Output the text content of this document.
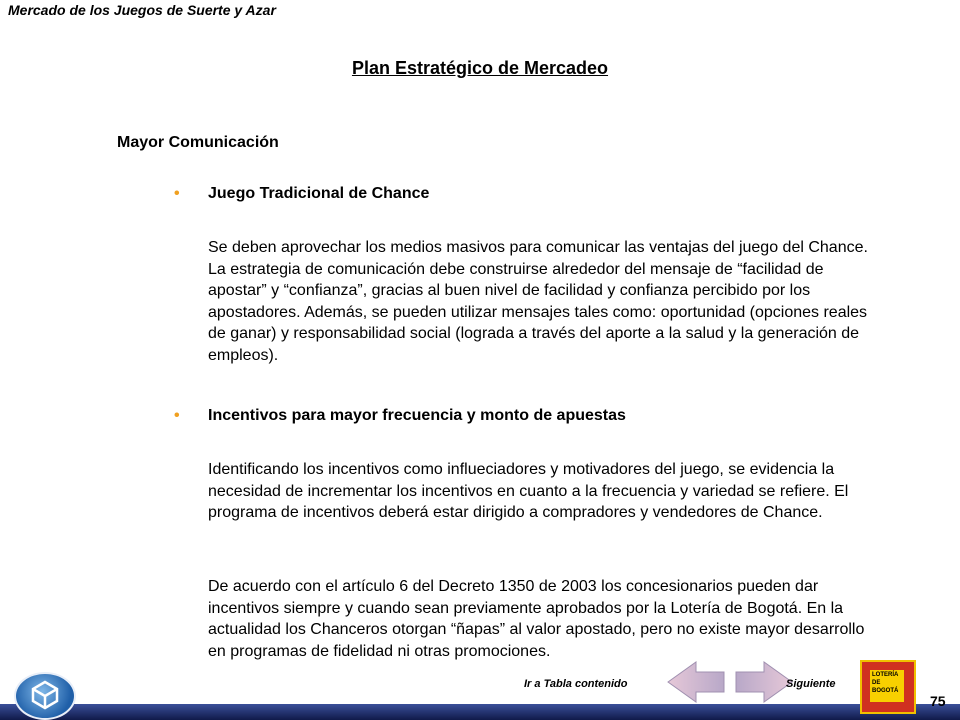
Mercado de los Juegos de Suerte y Azar
Plan Estratégico de Mercadeo
Mayor Comunicación
• Juego Tradicional de Chance

Se deben aprovechar los medios masivos para comunicar las ventajas del juego del Chance. La estrategia de comunicación debe construirse alrededor del mensaje de “facilidad de apostar” y “confianza”, gracias al buen nivel de facilidad y confianza percibido por los apostadores. Además, se pueden utilizar mensajes tales como: oportunidad (opciones reales de ganar) y responsabilidad social (lograda a través del aporte a la salud y la generación de empleos).

• Incentivos para mayor frecuencia y monto de apuestas

Identificando los incentivos como influeciadores y motivadores del juego, se evidencia la necesidad de incrementar los incentivos en cuanto a la frecuencia y variedad se refiere. El programa de incentivos deberá estar dirigido a compradores y vendedores de Chance.

De acuerdo con el artículo 6 del Decreto 1350 de 2003 los concesionarios pueden dar incentivos siempre y cuando sean previamente aprobados por la Lotería de Bogotá. En la actualidad los Chanceros otorgan “ñapas” al valor apostado, pero no existe mayor desarrollo en programas de fidelidad ni otras promociones.

Ir a Tabla contenido	Siguiente
LOTERÍA
DE
BOGOTÁ
75
